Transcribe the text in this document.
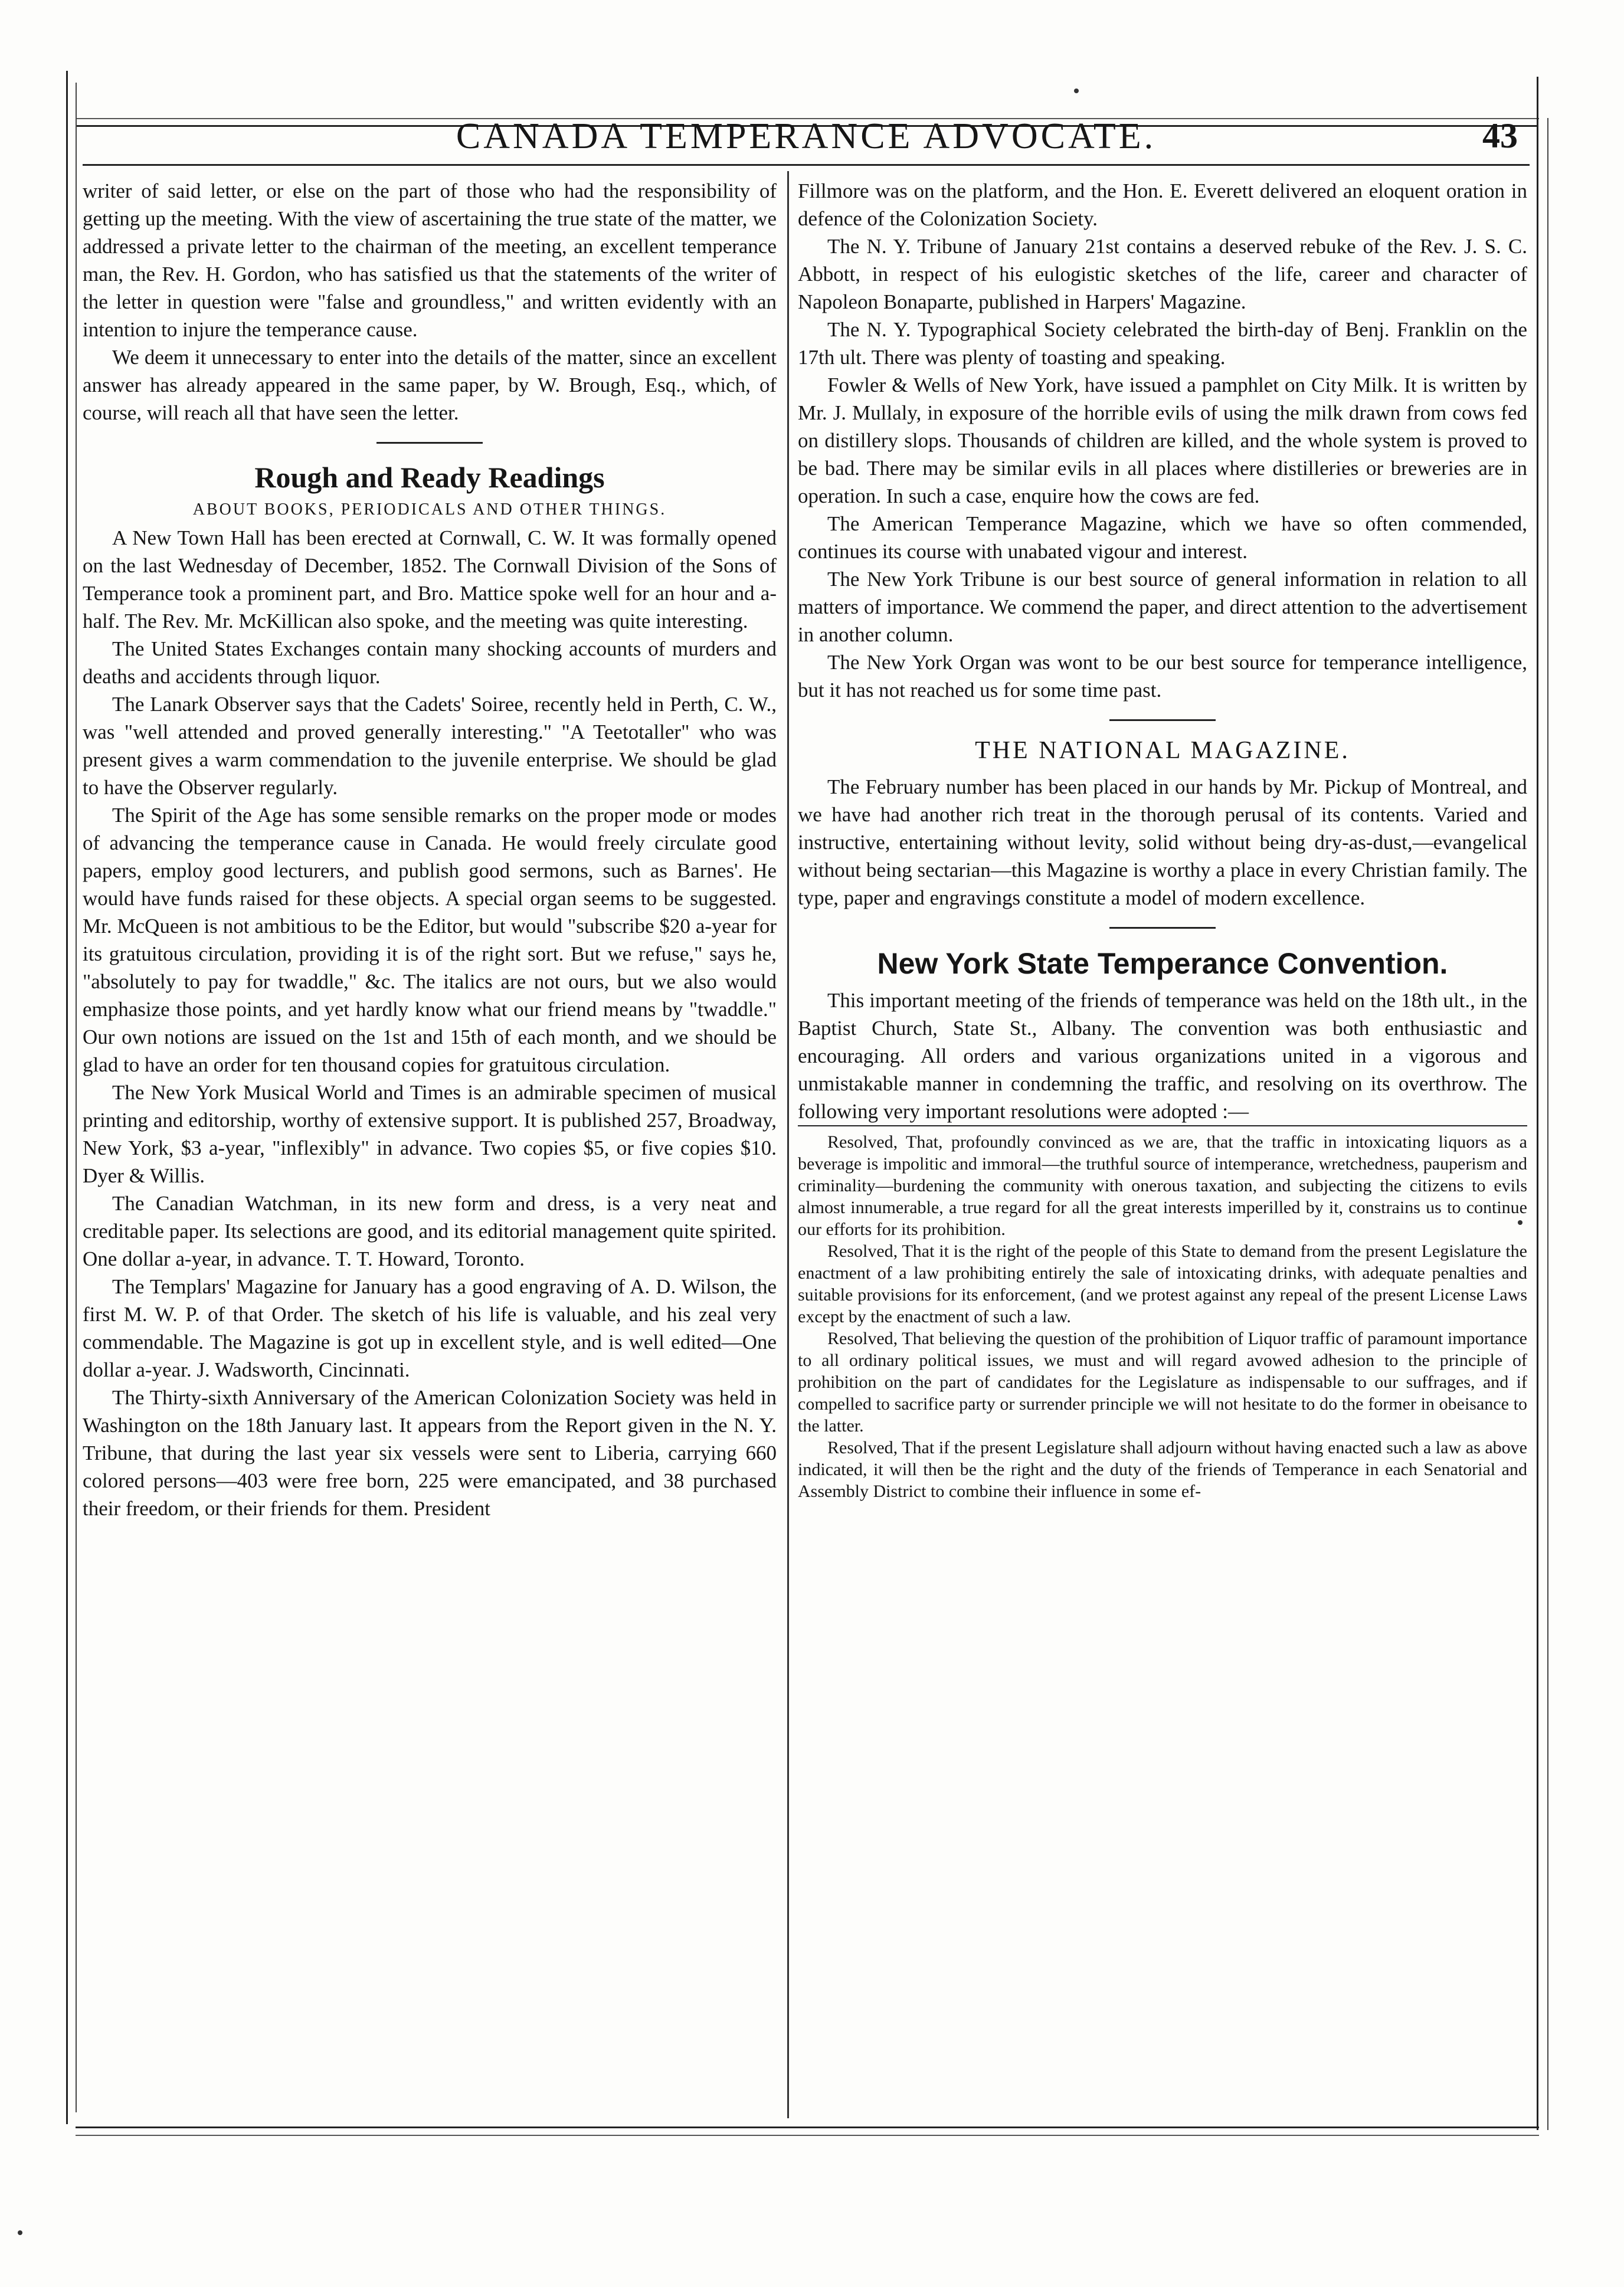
CANADA TEMPERANCE ADVOCATE.	43

writer of said letter, or else on the part of those who had the responsibility of getting up the meeting. With the view of ascertaining the true state of the matter, we addressed a private letter to the chairman of the meeting, an excellent temperance man, the Rev. H. Gordon, who has satisfied us that the statements of the writer of the letter in question were "false and groundless," and written evidently with an intention to injure the temperance cause.

We deem it unnecessary to enter into the details of the matter, since an excellent answer has already appeared in the same paper, by W. Brough, Esq., which, of course, will reach all that have seen the letter.

Rough and Ready Readings
ABOUT BOOKS, PERIODICALS AND OTHER THINGS.

A New Town Hall has been erected at Cornwall, C. W. It was formally opened on the last Wednesday of December, 1852. The Cornwall Division of the Sons of Temperance took a prominent part, and Bro. Mattice spoke well for an hour and a-half. The Rev. Mr. McKillican also spoke, and the meeting was quite interesting.

The United States Exchanges contain many shocking accounts of murders and deaths and accidents through liquor.

The Lanark Observer says that the Cadets' Soiree, recently held in Perth, C. W., was "well attended and proved generally interesting." "A Teetotaller" who was present gives a warm commendation to the juvenile enterprise. We should be glad to have the Observer regularly.

The Spirit of the Age has some sensible remarks on the proper mode or modes of advancing the temperance cause in Canada. He would freely circulate good papers, employ good lecturers, and publish good sermons, such as Barnes'. He would have funds raised for these objects. A special organ seems to be suggested. Mr. McQueen is not ambitious to be the Editor, but would "subscribe $20 a-year for its gratuitous circulation, providing it is of the right sort. But we refuse," says he, "absolutely to pay for twaddle," &c. The italics are not ours, but we also would emphasize those points, and yet hardly know what our friend means by "twaddle." Our own notions are issued on the 1st and 15th of each month, and we should be glad to have an order for ten thousand copies for gratuitous circulation.

The New York Musical World and Times is an admirable specimen of musical printing and editorship, worthy of extensive support. It is published 257, Broadway, New York, $3 a-year, "inflexibly" in advance. Two copies $5, or five copies $10. Dyer & Willis.

The Canadian Watchman, in its new form and dress, is a very neat and creditable paper. Its selections are good, and its editorial management quite spirited. One dollar a-year, in advance. T. T. Howard, Toronto.

The Templars' Magazine for January has a good engraving of A. D. Wilson, the first M. W. P. of that Order. The sketch of his life is valuable, and his zeal very commendable. The Magazine is got up in excellent style, and is well edited—One dollar a-year. J. Wadsworth, Cincinnati.

The Thirty-sixth Anniversary of the American Colonization Society was held in Washington on the 18th January last. It appears from the Report given in the N. Y. Tribune, that during the last year six vessels were sent to Liberia, carrying 660 colored persons—403 were free born, 225 were emancipated, and 38 purchased their freedom, or their friends for them. President

Fillmore was on the platform, and the Hon. E. Everett delivered an eloquent oration in defence of the Colonization Society.

The N. Y. Tribune of January 21st contains a deserved rebuke of the Rev. J. S. C. Abbott, in respect of his eulogistic sketches of the life, career and character of Napoleon Bonaparte, published in Harpers' Magazine.

The N. Y. Typographical Society celebrated the birth-day of Benj. Franklin on the 17th ult. There was plenty of toasting and speaking.

Fowler & Wells of New York, have issued a pamphlet on City Milk. It is written by Mr. J. Mullaly, in exposure of the horrible evils of using the milk drawn from cows fed on distillery slops. Thousands of children are killed, and the whole system is proved to be bad. There may be similar evils in all places where distilleries or breweries are in operation. In such a case, enquire how the cows are fed.

The American Temperance Magazine, which we have so often commended, continues its course with unabated vigour and interest.

The New York Tribune is our best source of general information in relation to all matters of importance. We commend the paper, and direct attention to the advertisement in another column.

The New York Organ was wont to be our best source for temperance intelligence, but it has not reached us for some time past.

THE NATIONAL MAGAZINE.

The February number has been placed in our hands by Mr. Pickup of Montreal, and we have had another rich treat in the thorough perusal of its contents. Varied and instructive, entertaining without levity, solid without being dry-as-dust,—evangelical without being sectarian—this Magazine is worthy a place in every Christian family. The type, paper and engravings constitute a model of modern excellence.

New York State Temperance Convention.

This important meeting of the friends of temperance was held on the 18th ult., in the Baptist Church, State St., Albany. The convention was both enthusiastic and encouraging. All orders and various organizations united in a vigorous and unmistakable manner in condemning the traffic, and resolving on its overthrow. The following very important resolutions were adopted :—

Resolved, That, profoundly convinced as we are, that the traffic in intoxicating liquors as a beverage is impolitic and immoral—the truthful source of intemperance, wretchedness, pauperism and criminality—burdening the community with onerous taxation, and subjecting the citizens to evils almost innumerable, a true regard for all the great interests imperilled by it, constrains us to continue our efforts for its prohibition.

Resolved, That it is the right of the people of this State to demand from the present Legislature the enactment of a law prohibiting entirely the sale of intoxicating drinks, with adequate penalties and suitable provisions for its enforcement, (and we protest against any repeal of the present License Laws except by the enactment of such a law.

Resolved, That believing the question of the prohibition of Liquor traffic of paramount importance to all ordinary political issues, we must and will regard avowed adhesion to the principle of prohibition on the part of candidates for the Legislature as indispensable to our suffrages, and if compelled to sacrifice party or surrender principle we will not hesitate to do the former in obeisance to the latter.

Resolved, That if the present Legislature shall adjourn without having enacted such a law as above indicated, it will then be the right and the duty of the friends of Temperance in each Senatorial and Assembly District to combine their influence in some ef-
